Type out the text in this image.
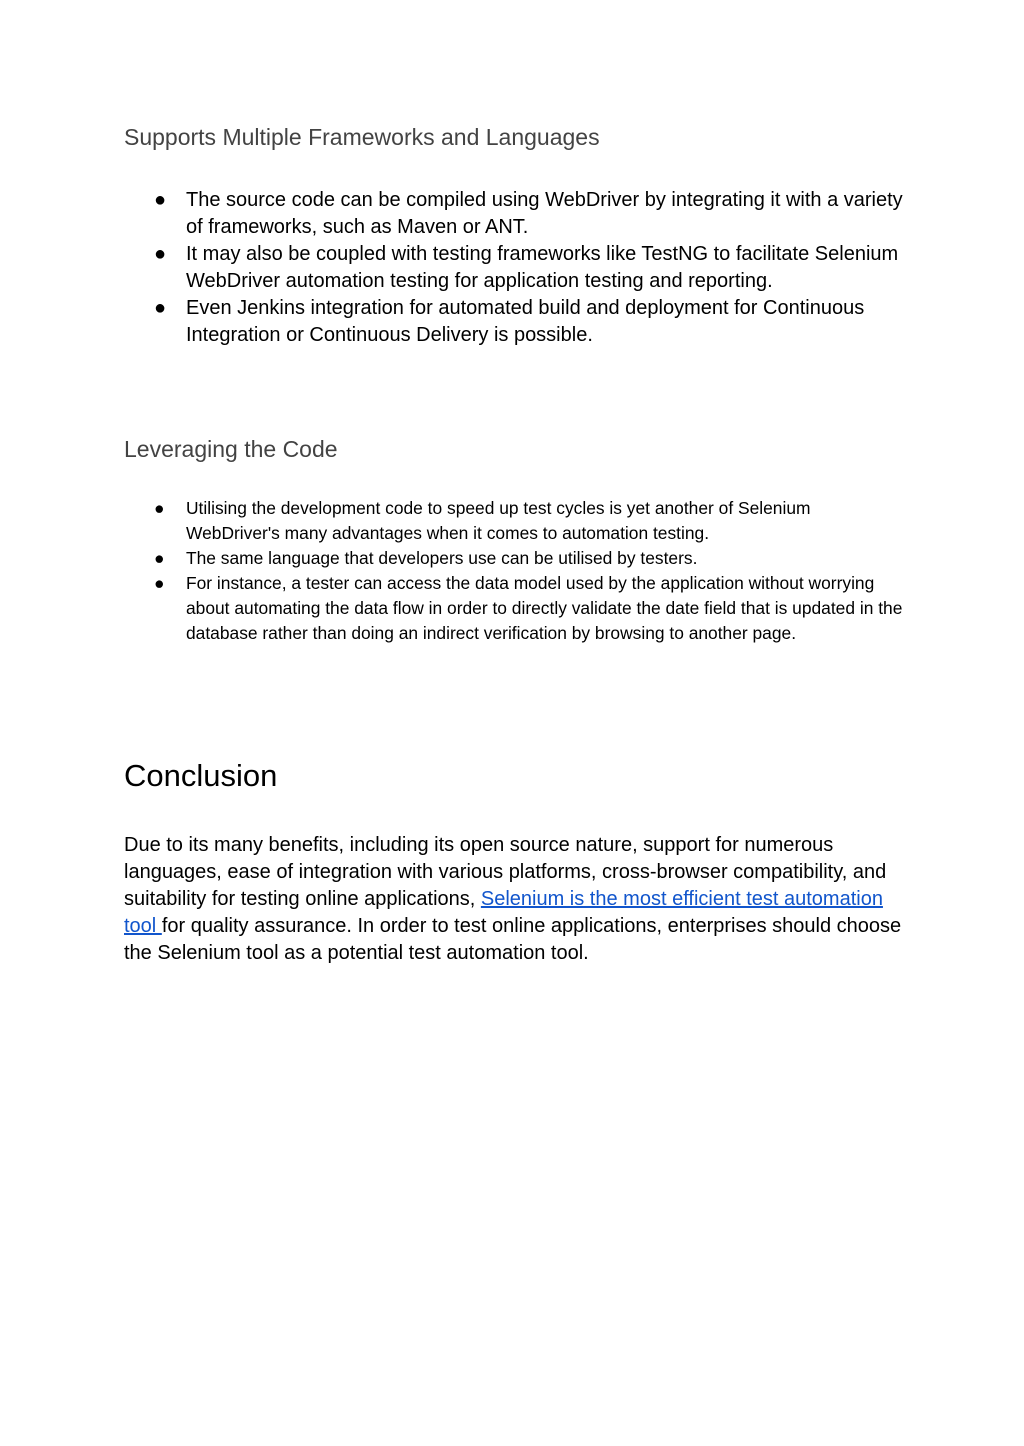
Supports Multiple Frameworks and Languages
● The source code can be compiled using WebDriver by integrating it with a variety of frameworks, such as Maven or ANT.
● It may also be coupled with testing frameworks like TestNG to facilitate Selenium WebDriver automation testing for application testing and reporting.
● Even Jenkins integration for automated build and deployment for Continuous Integration or Continuous Delivery is possible.
Leveraging the Code
● Utilising the development code to speed up test cycles is yet another of Selenium WebDriver's many advantages when it comes to automation testing.
● The same language that developers use can be utilised by testers.
● For instance, a tester can access the data model used by the application without worrying about automating the data flow in order to directly validate the date field that is updated in the database rather than doing an indirect verification by browsing to another page.
Conclusion

Due to its many benefits, including its open source nature, support for numerous languages, ease of integration with various platforms, cross-browser compatibility, and suitability for testing online applications, Selenium is the most efficient test automation tool for quality assurance. In order to test online applications, enterprises should choose the Selenium tool as a potential test automation tool.
